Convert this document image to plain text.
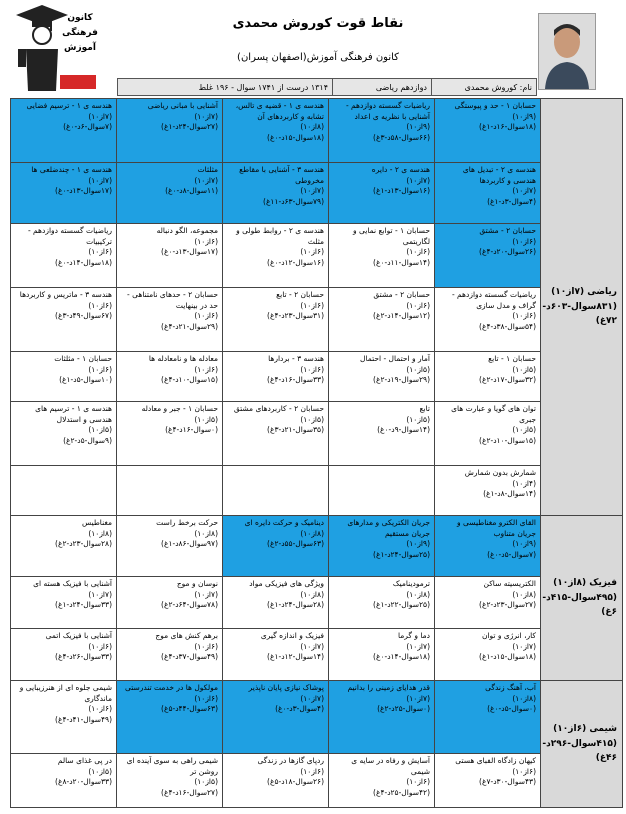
کانون
فرهنگی
آموزش
قلم‌چی
نقاط قوت کوروش محمدی
کانون فرهنگی آموزش(اصفهان پسران)
نام: کوروش محمدی	دوازدهم ریاضی	۱۳۱۴ درست از ۱۷۴۱ سوال - ۱۹۶ غلط
ریاضی (۷از۱۰)
(۸۳۱سوال-۶۰۳د-
۷۲غ)	حسابان ۱ - حد و پیوستگی
(۹از۱۰)
(۱۸سوال-۱۶د-۱غ)	ریاضیات گسسته دوازدهم - آشنایی با نظریه ی اعداد
(۹از۱۰)
(۶۶سوال-۵۸د-۳غ)	هندسه ی ۱ - قضیه ی تالس، تشابه و کاربردهای آن
(۸از۱۰)
(۱۸سوال-۱۵د-۰غ)	آشنایی با مبانی ریاضی
(۷از۱۰)
(۲۷سوال-۲۴د-۱غ)	هندسه ی ۱ - ترسیم فضایی
(۷از۱۰)
(۷سوال-۶د-۰غ)

	هندسه ی ۲ - تبدیل های هندسی و کاربردها
(۷از۱۰)
(۴سوال-۳د-۱غ)	هندسه ی ۲ - دایره
(۷از۱۰)
(۱۶سوال-۱۳د-۱غ)	هندسه ۳ - آشنایی با مقاطع مخروطی
(۷از۱۰)
(۷۹سوال-۶۳د-۱۱غ)	مثلثات
(۷از۱۰)
(۱۱سوال-۸د-۰غ)	هندسه ی ۱ - چندضلعی ها
(۷از۱۰)
(۱۷سوال-۱۳د-۰غ)

	حسابان ۲ - مشتق
(۶از۱۰)
(۲۶سوال-۲۰د-۴غ)	حسابان ۱ - توابع نمایی و لگاریتمی
(۶از۱۰)
(۱۴سوال-۱۱د-۰غ)	هندسه ی ۲ - روابط طولی و مثلث
(۶از۱۰)
(۱۶سوال-۱۲د-۰غ)	مجموعه، الگو دنباله
(۶از۱۰)
(۱۷سوال-۱۳د-۰غ)	ریاضیات گسسته دوازدهم - ترکیبیات
(۶از۱۰)
(۱۸سوال-۱۴د-۰غ)

	ریاضیات گسسته دوازدهم - گراف و مدل سازی
(۶از۱۰)
(۵۴سوال-۳۸د-۴غ)	حسابان ۲ - مشتق
(۶از۱۰)
(۱۲سوال-۱۴د-۲غ)	حسابان ۲ - تابع
(۶از۱۰)
(۳۱سوال-۲۳د-۴غ)	حسابان ۲ - حدهای نامتناهی - حد در بینهایت
(۶از۱۰)
(۲۹سوال-۲۱د-۴غ)	هندسه ۳ - ماتریس و کاربردها
(۶از۱۰)
(۶۷سوال-۴۹د-۳غ)

	حسابان ۱ - تابع
(۵از۱۰)
(۳۲سوال-۱۷د-۲غ)	آمار و احتمال - احتمال
(۵از۱۰)
(۲۹سوال-۱۹د-۲غ)	هندسه ۳ - بردارها
(۶از۱۰)
(۳۳سوال-۱۶د-۴غ)	معادله ها و نامعادله ها
(۶از۱۰)
(۱۵سوال-۱۰د-۴غ)	حسابان ۱ - مثلثات
(۶از۱۰)
(۱۰سوال-۵د-۱غ)

	توان های گویا و عبارت های جبری
(۵از۱۰)
(۱۵سوال-۱۰د-۲غ)	تابع
(۵از۱۰)
(۱۴سوال-۹د-۰غ)	حسابان ۲ - کاربردهای مشتق
(۵از۱۰)
(۳۵سوال-۲۱د-۳غ)	حسابان ۱ - جبر و معادله
(۵از۱۰)
(۰سوال-۱۶د-۴غ)	هندسه ی ۱ - ترسیم های هندسی و استدلال
(۵از۱۰)
(۹سوال-۵د-۲غ)

	شمارش بدون شمارش
(۴از۱۰)
(۱۴سوال-۸د-۱غ)				

فیزیک (۸از۱۰)
(۴۹۵سوال-۴۱۵د-
۶غ)	القای الکترو مغناطیسی و جریان متناوب
(۹از۱۰)
(۷سوال-۵د-۰غ)	جریان الکتریکی و مدارهای جریان مستقیم
(۹از۱۰)
(۲۵سوال-۲۴د-۱غ)	دینامیک و حرکت دایره ای
(۸از۱۰)
(۶۳سوال-۵۵د-۲غ)	حرکت برخط راست
(۸از۱۰)
(۹۷سوال-۸۶د-۱غ)	مغناطیس
(۸از۱۰)
(۲۸سوال-۲۳د-۲غ)

	الکتریسیته ساکن
(۸از۱۰)
(۲۷سوال-۲۳د-۲غ)	ترمودینامیک
(۸از۱۰)
(۲۵سوال-۲۲د-۱غ)	ویژگی های فیزیکی مواد
(۸از۱۰)
(۲۸سوال-۲۴د-۱غ)	نوسان و موج
(۷از۱۰)
(۷۸سوال-۶۴د-۲غ)	آشنایی با فیزیک هسته ای
(۷از۱۰)
(۳۳سوال-۲۴د-۱غ)

	کار، انرژی و توان
(۷از۱۰)
(۱۸سوال-۱۵د-۱غ)	دما و گرما
(۷از۱۰)
(۱۸سوال-۱۴د-۰غ)	فیزیک و اندازه گیری
(۷از۱۰)
(۱۴سوال-۱۲د-۱غ)	برهم کنش های موج
(۶از۱۰)
(۴۹سوال-۳۷د-۴غ)	آشنایی با فیزیک اتمی
(۶از۱۰)
(۳۳سوال-۲۶د-۴غ)

شیمی (۶از۱۰)
(۴۱۵سوال-۲۹۶د-
۴۶غ)	آب، آهنگ زندگی
(۸از۱۰)
(۰سوال-۵د-۰غ)	قدر هدایای زمینی را بدانیم
(۷از۱۰)
(۰سوال-۲۵د-۲غ)	پوشاک نیازی پایان ناپذیر
(۷از۱۰)
(۴سوال-۳د-۰غ)	مولکول ها در خدمت تندرستی
(۶از۱۰)
(۶۳سوال-۴۴د-۵غ)	شیمی جلوه ای از هنرزیبایی و ماندگاری
(۶از۱۰)
(۴۹سوال-۴۱د-۴غ)

	کیهان زادگاه الفبای هستی
(۶از۱۰)
(۴۳سوال-۳۰د-۷غ)	آسایش و رفاه در سایه ی شیمی
(۶از۱۰)
(۴۲سوال-۲۵د-۴غ)	ردپای گازها در زندگی
(۶از۱۰)
(۲۶سوال-۱۸د-۵غ)	شیمی راهی به سوی آینده ای روشن تر
(۵از۱۰)
(۲۷سوال-۱۶د-۴غ)	در پی غذای سالم
(۵از۱۰)
(۳۳سوال-۲۰د-۸غ)
